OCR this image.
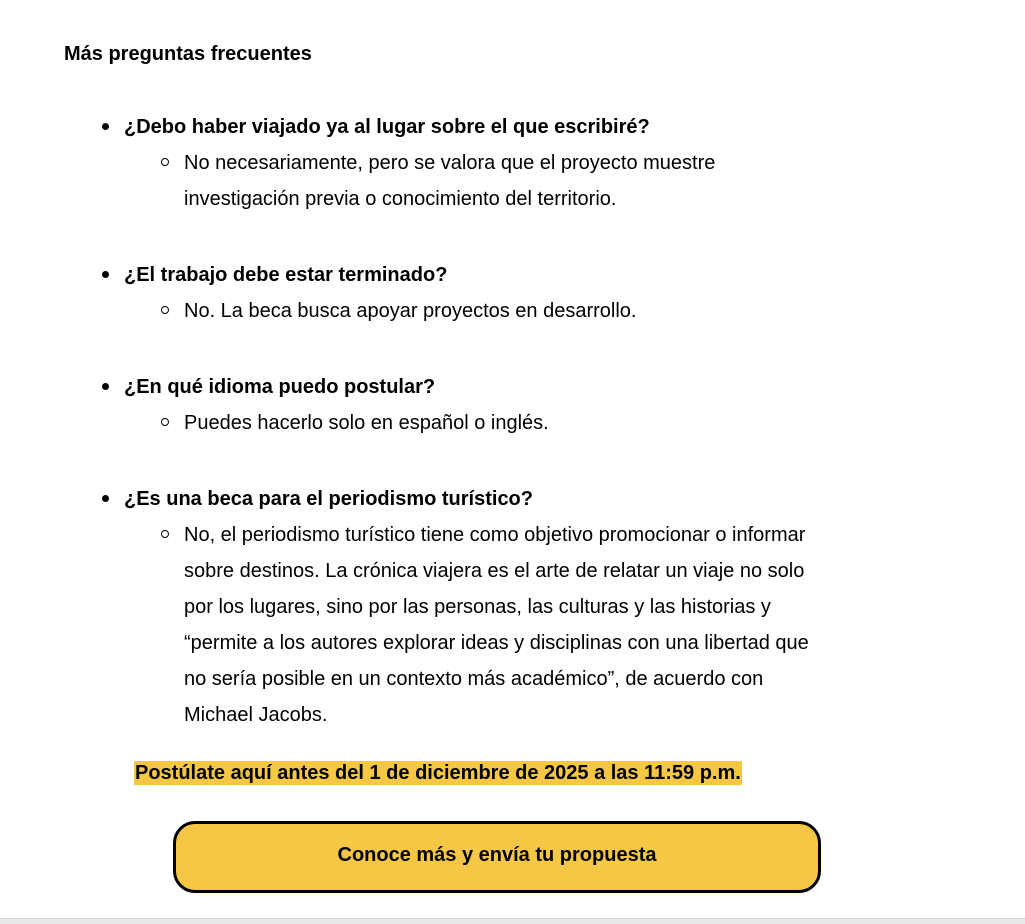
Más preguntas frecuentes
¿Debo haber viajado ya al lugar sobre el que escribiré?
No necesariamente, pero se valora que el proyecto muestre
investigación previa o conocimiento del territorio.
¿El trabajo debe estar terminado?
No. La beca busca apoyar proyectos en desarrollo.
¿En qué idioma puedo postular?
Puedes hacerlo solo en español o inglés.
¿Es una beca para el periodismo turístico?
No, el periodismo turístico tiene como objetivo promocionar o informar
sobre destinos. La crónica viajera es el arte de relatar un viaje no solo
por los lugares, sino por las personas, las culturas y las historias y
“permite a los autores explorar ideas y disciplinas con una libertad que
no sería posible en un contexto más académico”, de acuerdo con
Michael Jacobs.

Postúlate aquí antes del 1 de diciembre de 2025 a las 11:59 p.m.

Conoce más y envía tu propuesta
